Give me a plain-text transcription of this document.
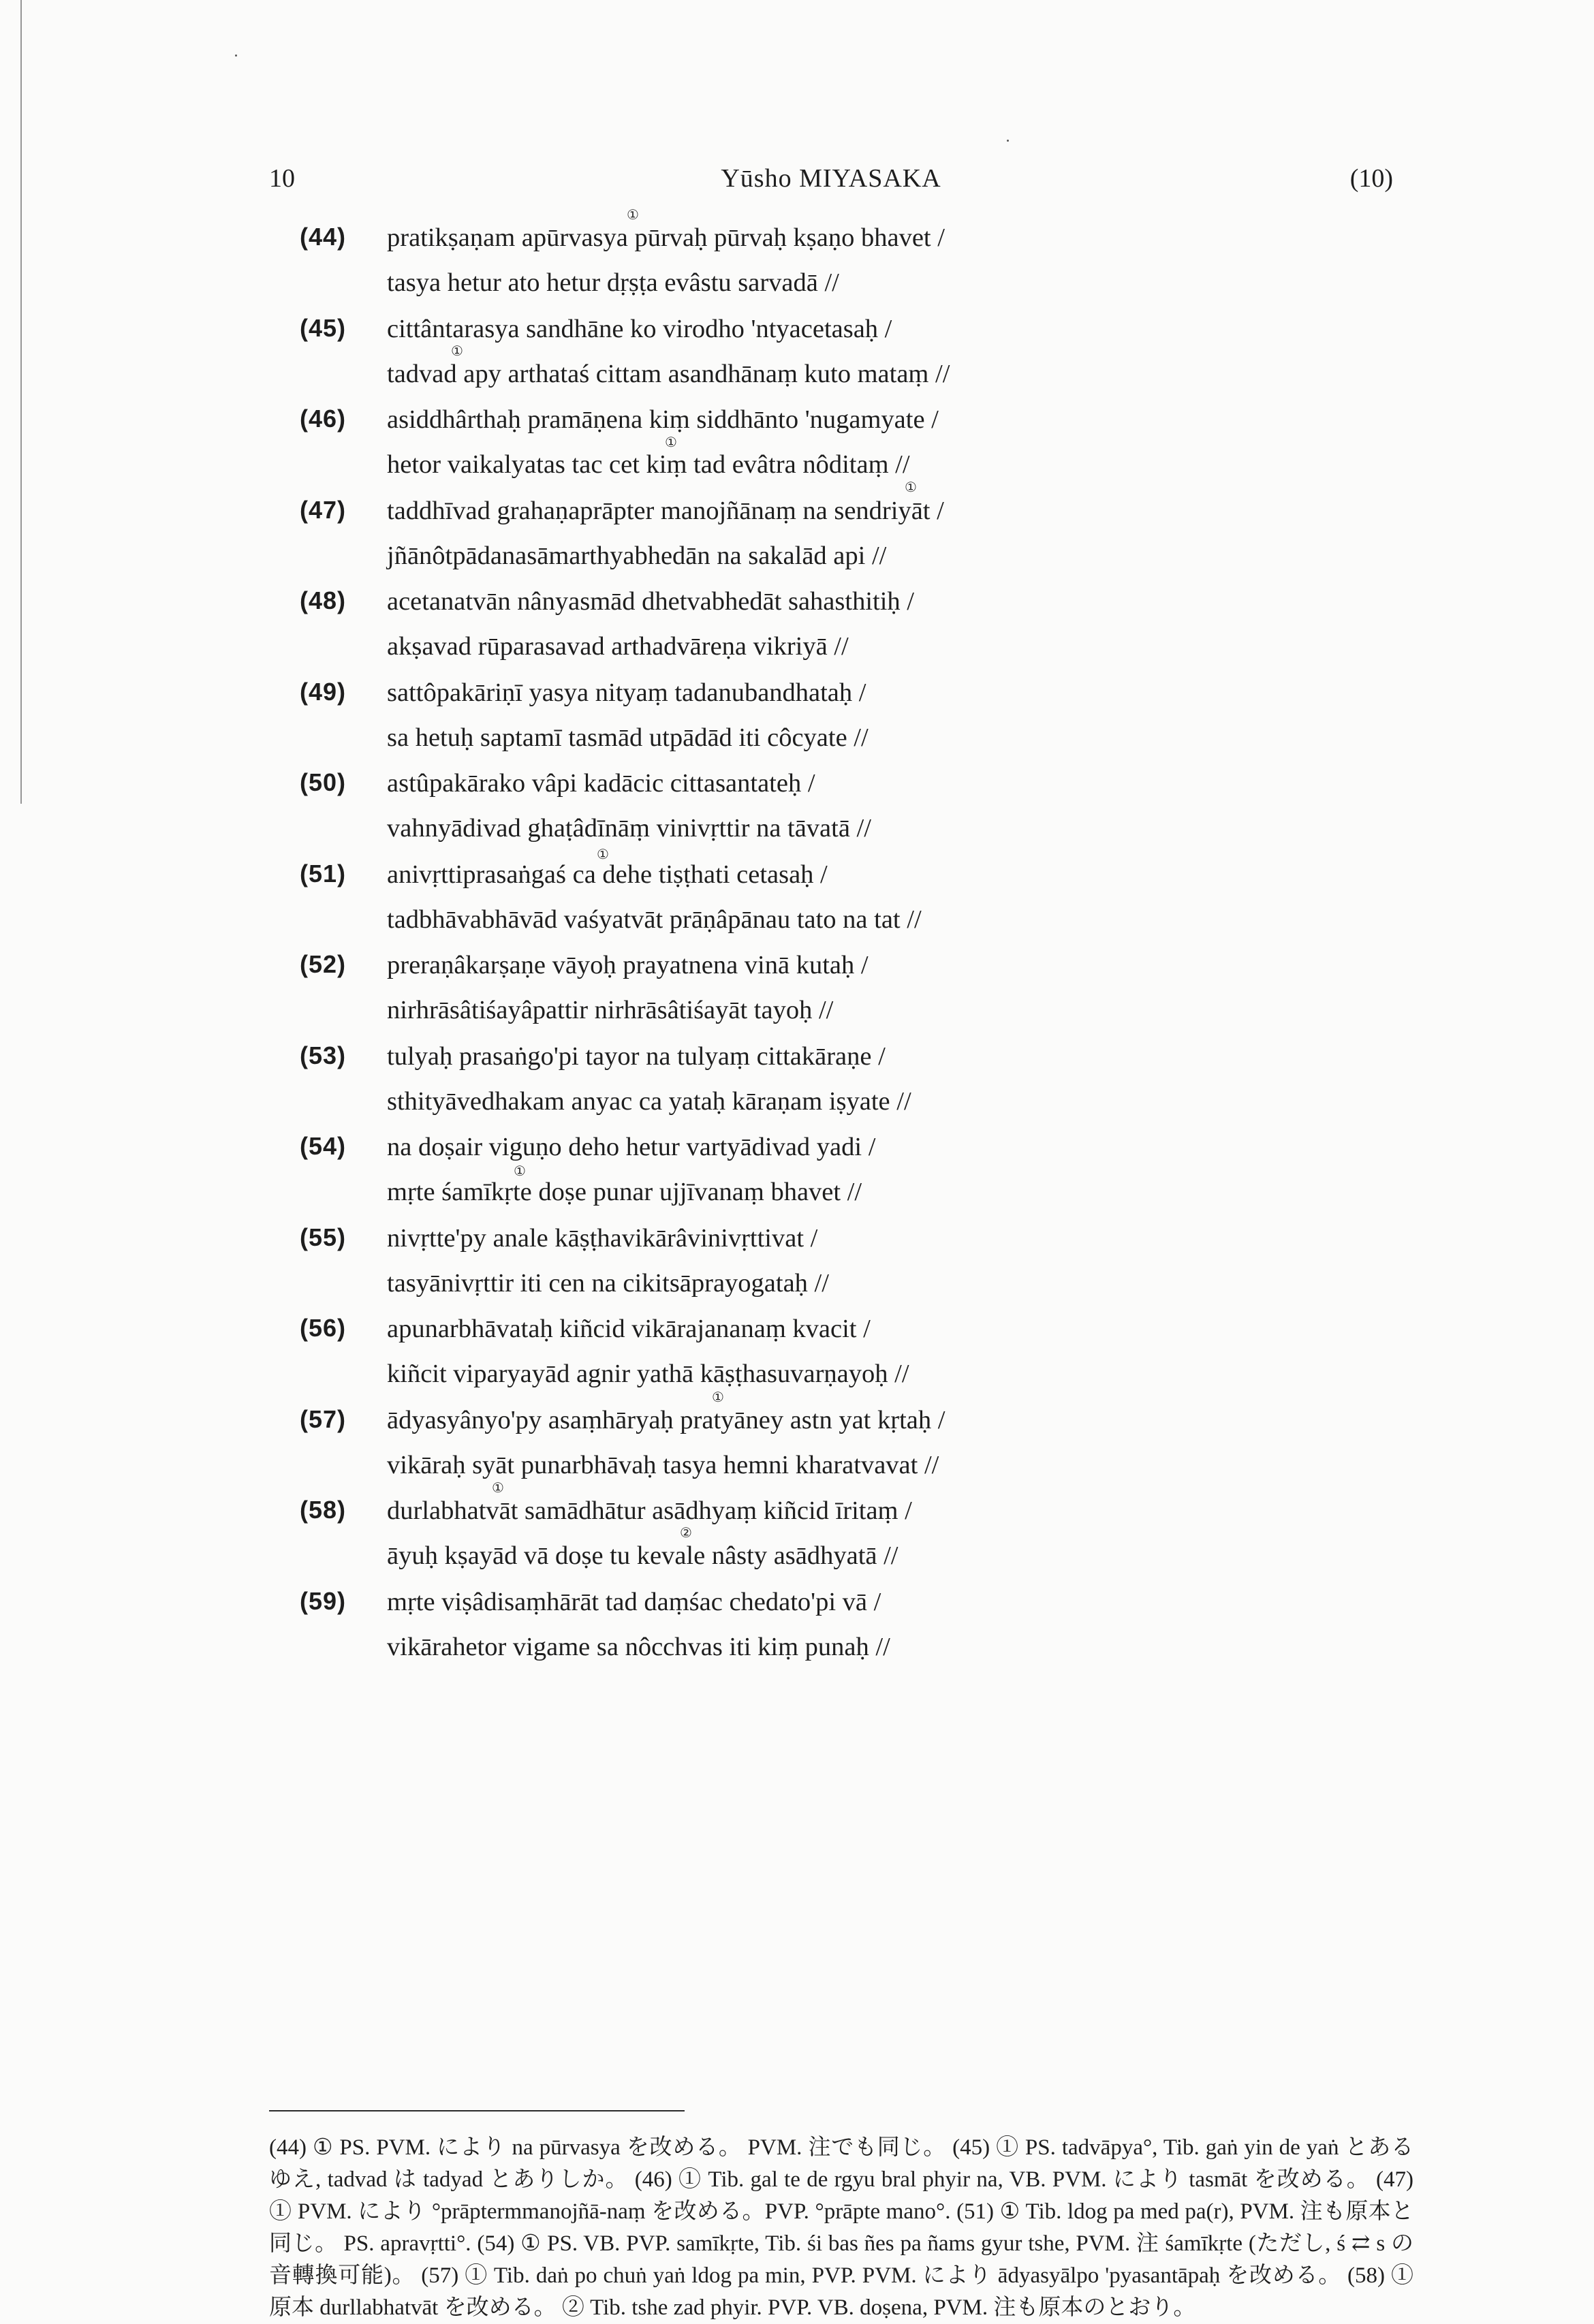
10	Yūsho MIYASAKA	(10)
(44)	pratikṣaṇam apūrvasya pūrvaḥ pūrvaḥ kṣaṇo bhavet /
tasya hetur ato hetur dṛṣṭa evâstu sarvadā //
(45)	cittântarasya sandhāne ko virodho 'ntyacetasaḥ /
tadvad apy arthataś cittam asandhānaṃ kuto mataṃ //
(46)	asiddhârthaḥ pramāṇena kiṃ siddhānto 'nugamyate /
hetor vaikalyatas tac cet kiṃ tad evâtra nôditaṃ //
(47)	taddhīvad grahaṇaprāpter manojñānaṃ na sendriyāt /
jñānôtpādanasāmarthyabhedān na sakalād api //
(48)	acetanatvān nânyasmād dhetvabhedāt sahasthitiḥ /
akṣavad rūparasavad arthadvāreṇa vikriyā //
(49)	sattôpakāriṇī yasya nityaṃ tadanubandhataḥ /
sa hetuḥ saptamī tasmād utpādād iti côcyate //
(50)	astûpakārako vâpi kadācic cittasantateḥ /
vahnyādivad ghaṭâdīnāṃ vinivṛttir na tāvatā //
(51)	anivṛttiprasaṅgaś ca dehe tiṣṭhati cetasaḥ /
tadbhāvabhāvād vaśyatvāt prāṇâpānau tato na tat //
(52)	preraṇâkarṣaṇe vāyoḥ prayatnena vinā kutaḥ /
nirhrāsâtiśayâpattir nirhrāsâtiśayāt tayoḥ //
(53)	tulyaḥ prasaṅgo'pi tayor na tulyaṃ cittakāraṇe /
sthityāvedhakam anyac ca yataḥ kāraṇam iṣyate //
(54)	na doṣair viguṇo deho hetur vartyādivad yadi /
mṛte śamīkṛte doṣe punar ujjīvanaṃ bhavet //
(55)	nivṛtte'py anale kāṣṭhavikārâvinivṛttivat /
tasyānivṛttir iti cen na cikitsāprayogataḥ //
(56)	apunarbhāvataḥ kiñcid vikārajananaṃ kvacit /
kiñcit viparyayād agnir yathā kāṣṭhasuvarṇayoḥ //
(57)	ādyasyânyo'py asaṃhāryaḥ pratyāney astn yat kṛtaḥ /
vikāraḥ syāt punarbhāvaḥ tasya hemni kharatvavat //
(58)	durlabhatvāt samādhātur asādhyaṃ kiñcid īritaṃ /
āyuḥ kṣayād vā doṣe tu kevale nâsty asādhyatā //
(59)	mṛte viṣâdisaṃhārāt tad daṃśac chedato'pi vā /
vikārahetor vigame sa nôcchvas iti kiṃ punaḥ //
①
①
①
①
①
①
①
①
②
(44) ① PS. PVM. により na pūrvasya を改める。 PVM. 注でも同じ。 (45) ① PS. tadvāpya°, Tib. gaṅ yin de yaṅ とあるゆえ, tadvad は tadyad とありしか。 (46) ① Tib. gal te de rgyu bral phyir na, VB. PVM. により tasmāt を改める。 (47) ① PVM. により °prāptermmanojñā-naṃ を改める。PVP. °prāpte mano°. (51) ① Tib. ldog pa med pa(r), PVM. 注も原本と同じ。 PS. apravṛtti°. (54) ① PS. VB. PVP. samīkṛte, Tib. śi bas ñes pa ñams gyur tshe, PVM. 注 śamīkṛte (ただし, ś ⇄ s の音轉換可能)。 (57) ① Tib. daṅ po chuṅ yaṅ ldog pa min, PVP. PVM. により ādyasyālpo 'pyasantāpaḥ を改める。 (58) ① 原本 durllabhatvāt を改める。 ② Tib. tshe zad phyir. PVP. VB. doṣena, PVM. 注も原本のとおり。
